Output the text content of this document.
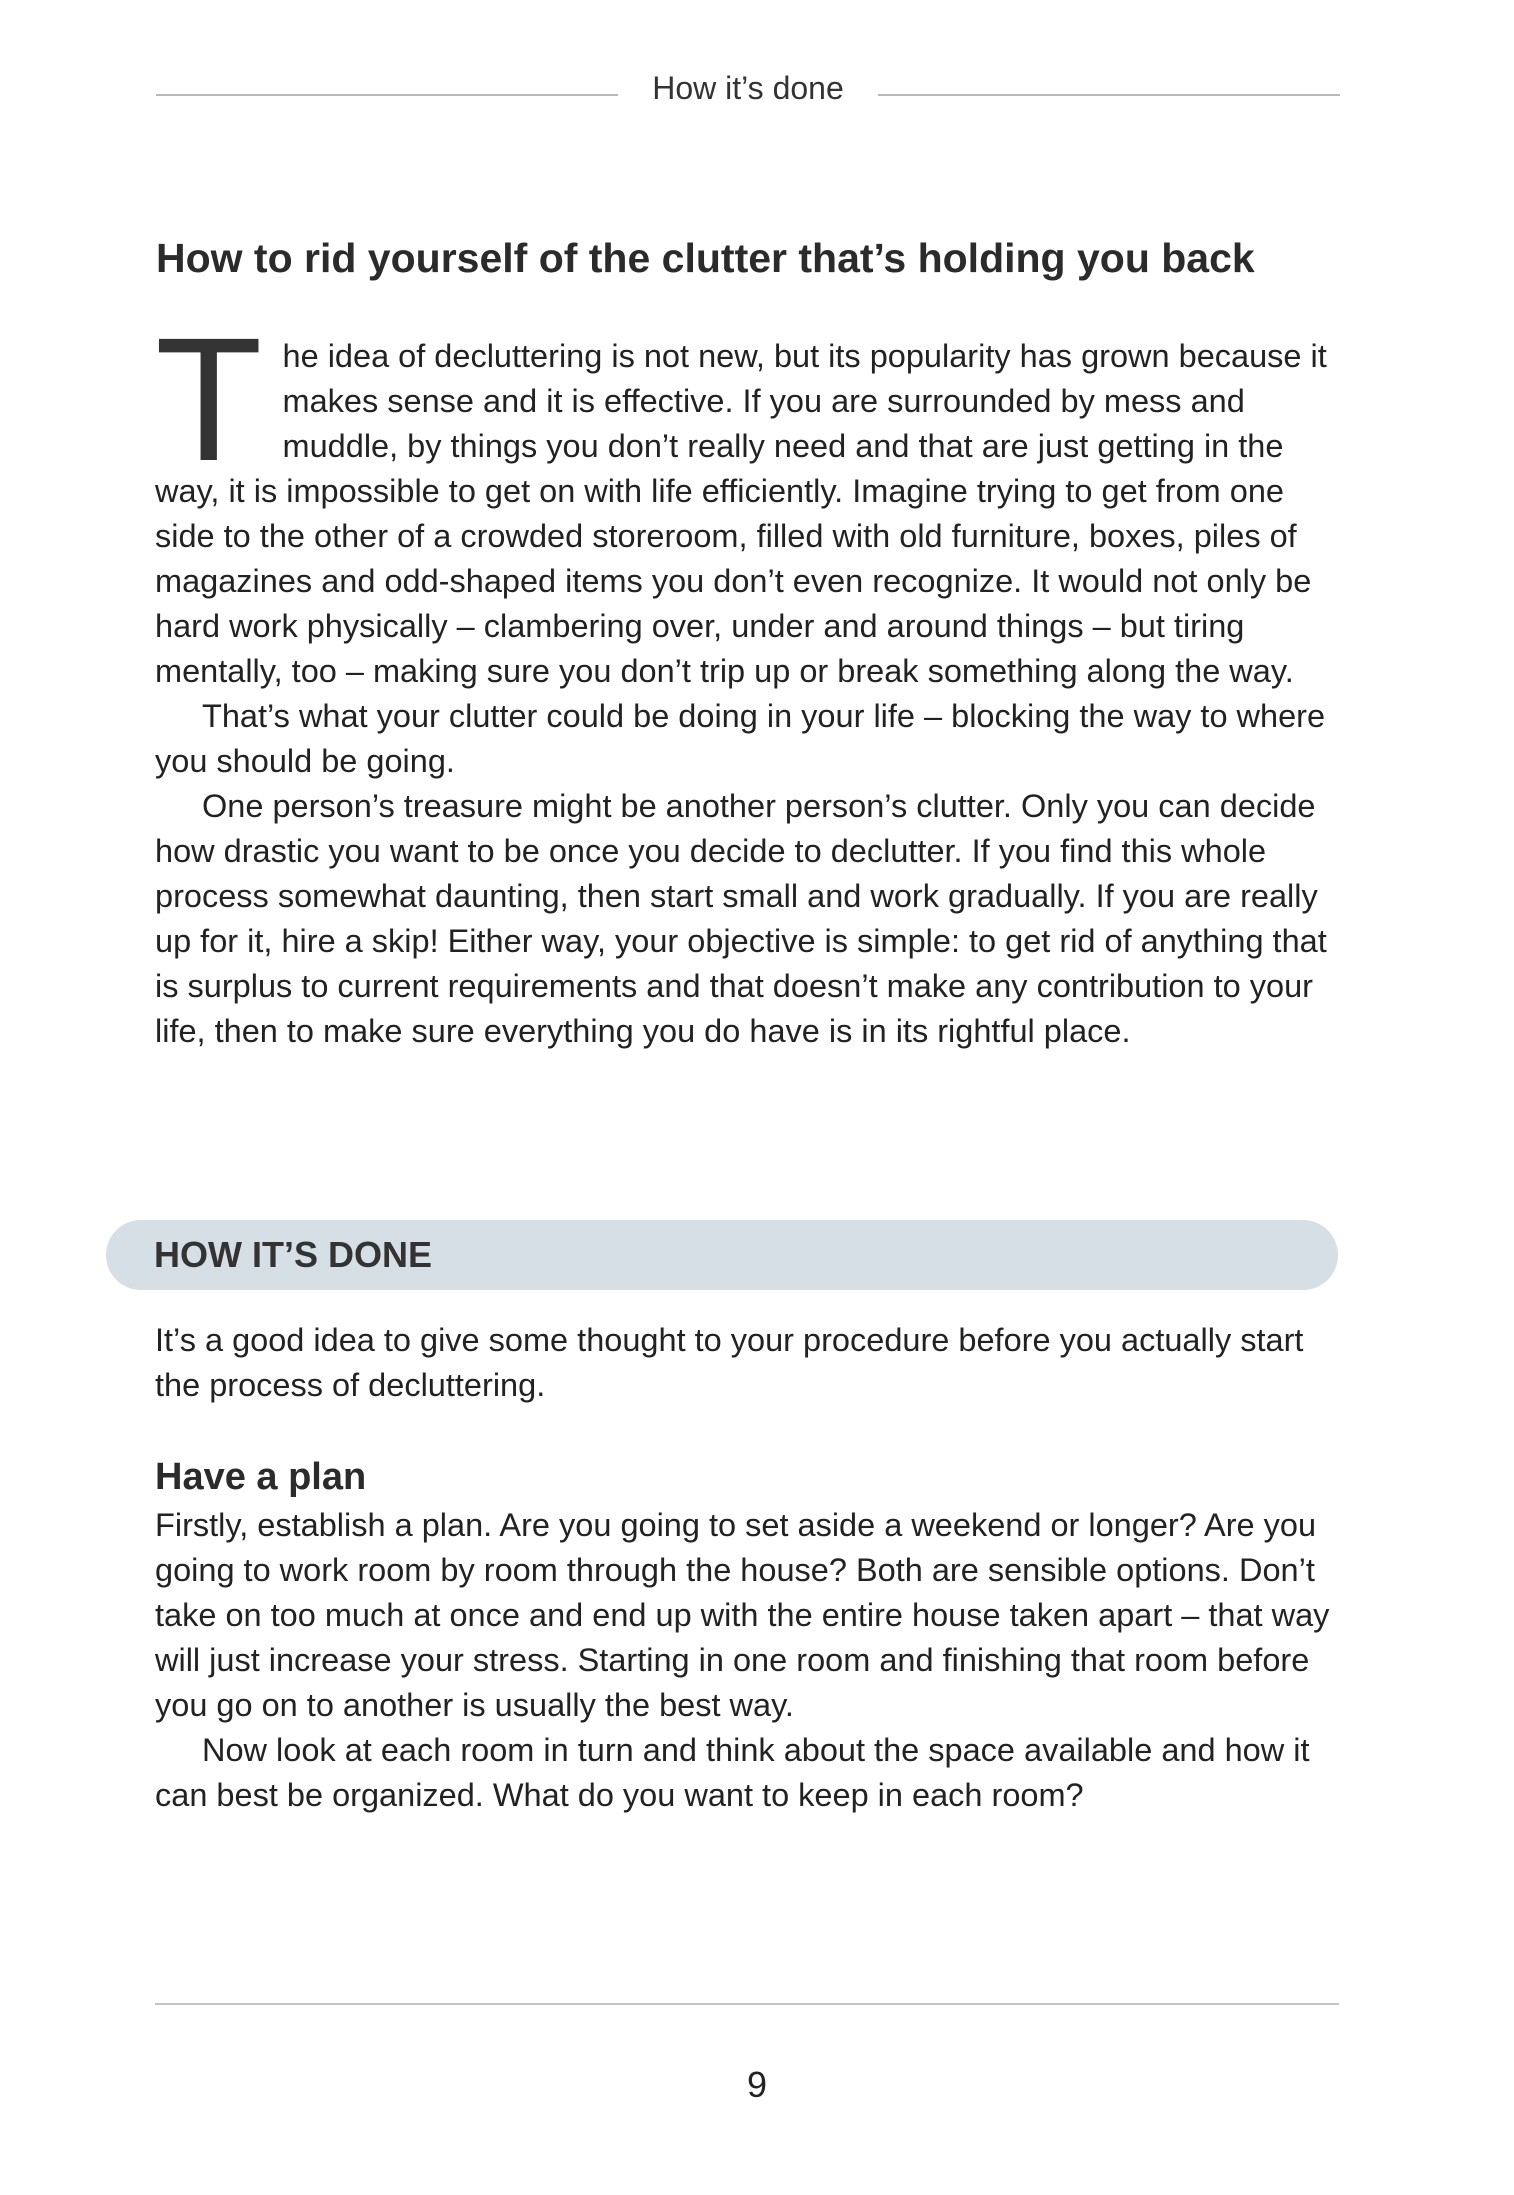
How it’s done
How to rid yourself of the clutter that’s holding you back

The idea of decluttering is not new, but its popularity has grown because it makes sense and it is effective. If you are surrounded by mess and muddle, by things you don’t really need and that are just getting in the way, it is impossible to get on with life efficiently. Imagine trying to get from one side to the other of a crowded storeroom, filled with old furniture, boxes, piles of magazines and odd-shaped items you don’t even recognize. It would not only be hard work physically – clambering over, under and around things – but tiring mentally, too – making sure you don’t trip up or break something along the way.

That’s what your clutter could be doing in your life – blocking the way to where you should be going.

One person’s treasure might be another person’s clutter. Only you can decide how drastic you want to be once you decide to declutter. If you find this whole process somewhat daunting, then start small and work gradually. If you are really up for it, hire a skip! Either way, your objective is simple: to get rid of anything that is surplus to current requirements and that doesn’t make any contribution to your life, then to make sure everything you do have is in its rightful place.

HOW IT’S DONE

It’s a good idea to give some thought to your procedure before you actually start the process of decluttering.

Have a plan

Firstly, establish a plan. Are you going to set aside a weekend or longer? Are you going to work room by room through the house? Both are sensible options. Don’t take on too much at once and end up with the entire house taken apart – that way will just increase your stress. Starting in one room and finishing that room before you go on to another is usually the best way.

Now look at each room in turn and think about the space available and how it can best be organized. What do you want to keep in each room?

9
